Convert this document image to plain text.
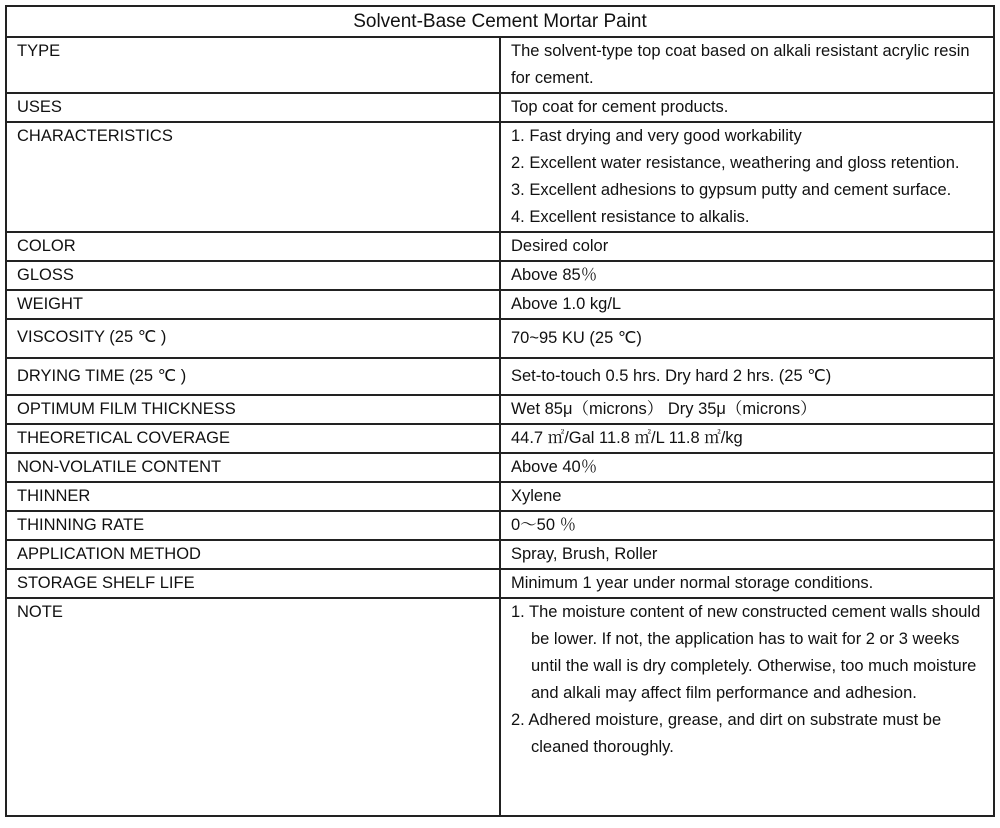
Solvent-Base Cement Mortar Paint	
TYPE	The solvent-type top coat based on alkali resistant acrylic resin
for cement.

USES	Top coat for cement products.

CHARACTERISTICS	1. Fast drying and very good workability
2. Excellent water resistance, weathering and gloss retention.
3. Excellent adhesions to gypsum putty and cement surface.
4. Excellent resistance to alkalis.

COLOR	Desired color

GLOSS	Above 85％

WEIGHT	Above 1.0 kg/L

VISCOSITY (25 ℃ )	70~95 KU (25 ℃)

DRYING TIME (25 ℃ )	Set-to-touch 0.5 hrs. Dry hard 2 hrs. (25 ℃)

OPTIMUM FILM THICKNESS	Wet 85μ（microns） Dry 35μ（microns）

THEORETICAL COVERAGE	44.7 ㎡/Gal 11.8 ㎡/L 11.8 ㎡/kg

NON-VOLATILE CONTENT	Above 40％

THINNER	Xylene

THINNING RATE	0～50 ％

APPLICATION METHOD	Spray, Brush, Roller

STORAGE SHELF LIFE	Minimum 1 year under normal storage conditions.

NOTE	1. The moisture content of new constructed cement walls should be lower. If not, the application has to wait for 2 or 3 weeks until the wall is dry completely. Otherwise, too much moisture and alkali may affect film performance and adhesion.
2. Adhered moisture, grease, and dirt on substrate must be cleaned thoroughly.
